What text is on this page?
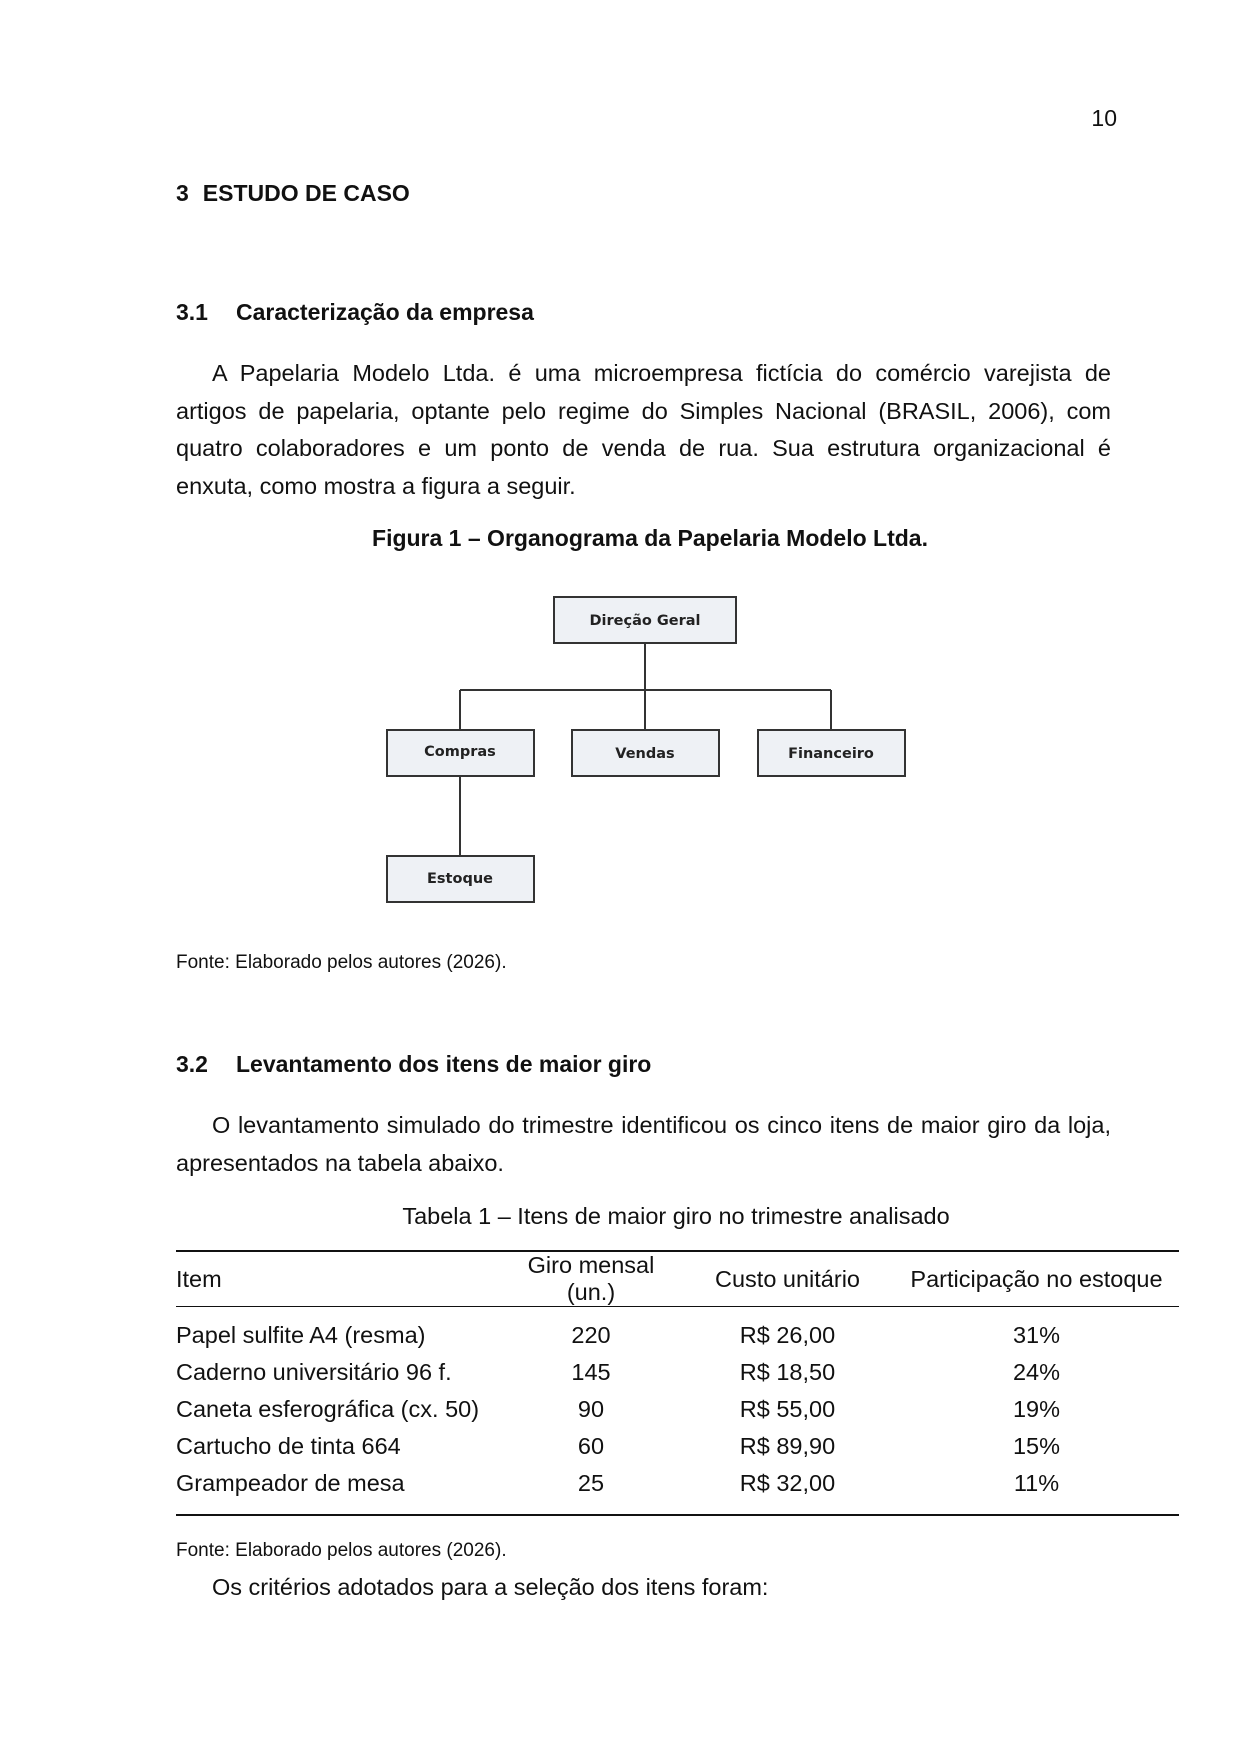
10
3 ESTUDO DE CASO
3.1 Caracterização da empresa

A Papelaria Modelo Ltda. é uma microempresa fictícia do comércio varejista de artigos de papelaria, optante pelo regime do Simples Nacional (BRASIL, 2006), com quatro colaboradores e um ponto de venda de rua. Sua estrutura organizacional é enxuta, como mostra a figura a seguir.

Figura 1 – Organograma da Papelaria Modelo Ltda.
Direção Geral
Compras	Vendas	Financeiro
Estoque
Fonte: Elaborado pelos autores (2026).
3.2 Levantamento dos itens de maior giro

O levantamento simulado do trimestre identificou os cinco itens de maior giro da loja, apresentados na tabela abaixo.

Tabela 1 – Itens de maior giro no trimestre analisado
Item	Giro mensal (un.)	Custo unitário	Participação no estoque
Papel sulfite A4 (resma)	220	R$ 26,00	31%
Caderno universitário 96 f.	145	R$ 18,50	24%
Caneta esferográfica (cx. 50)	90	R$ 55,00	19%
Cartucho de tinta 664	60	R$ 89,90	15%
Grampeador de mesa	25	R$ 32,00	11%
Fonte: Elaborado pelos autores (2026).

Os critérios adotados para a seleção dos itens foram:
